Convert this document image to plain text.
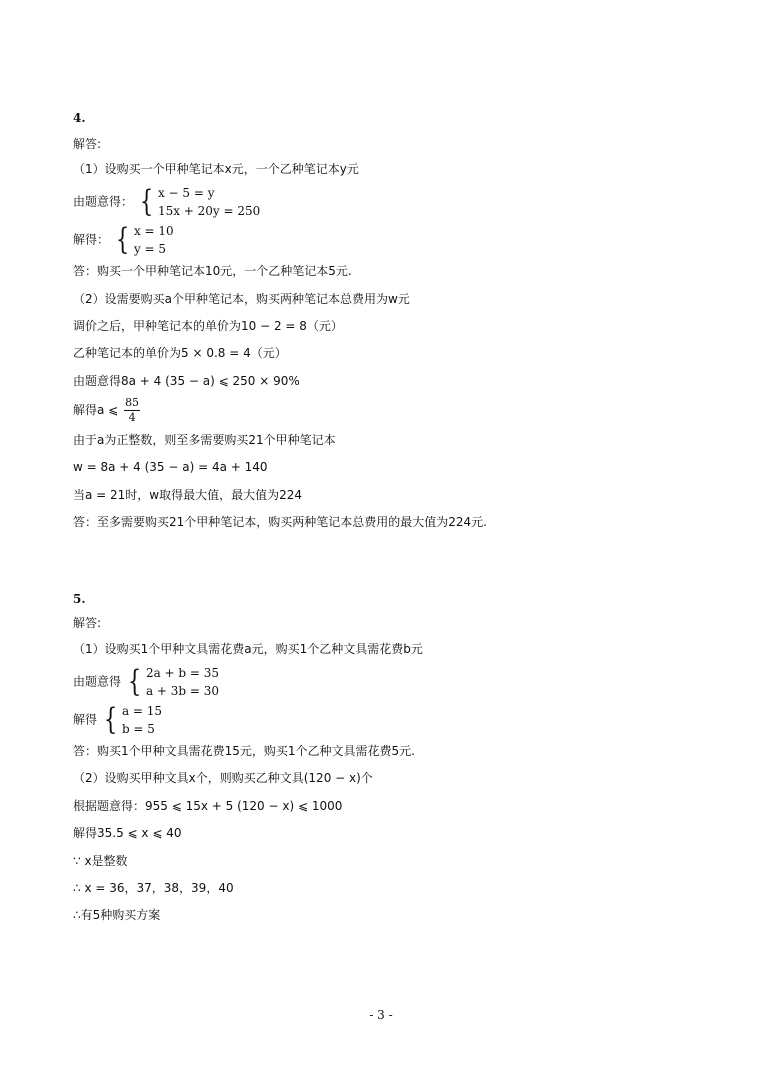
4.
解答:
（1）设购买一个甲种笔记本x元，一个乙种笔记本y元
由题意得： { x − 5 = y
15x + 20y = 250
解得： { x = 10
y = 5
答：购买一个甲种笔记本10元，一个乙种笔记本5元.
（2）设需要购买a个甲种笔记本，购买两种笔记本总费用为w元
调价之后，甲种笔记本的单价为10 − 2 = 8（元）
乙种笔记本的单价为5 × 0.8 = 4（元）
由题意得8a + 4 (35 − a) ⩽ 250 × 90%
解得a ⩽ $\frac{85}{4}$
由于a为正整数，则至多需要购买21个甲种笔记本
w = 8a + 4 (35 − a) = 4a + 140
当a = 21时，w取得最大值，最大值为224
答：至多需要购买21个甲种笔记本，购买两种笔记本总费用的最大值为224元.
5.
解答:
（1）设购买1个甲种文具需花费a元，购买1个乙种文具需花费b元
由题意得 { 2a + b = 35
a + 3b = 30
解得 { a = 15
b = 5
答：购买1个甲种文具需花费15元，购买1个乙种文具需花费5元.
（2）设购买甲种文具x个，则购买乙种文具(120 − x)个
根据题意得：955 ⩽ 15x + 5 (120 − x) ⩽ 1000
解得35.5 ⩽ x ⩽ 40
∵ x是整数
∴ x = 36，37，38，39，40
∴有5种购买方案
- 3 -
